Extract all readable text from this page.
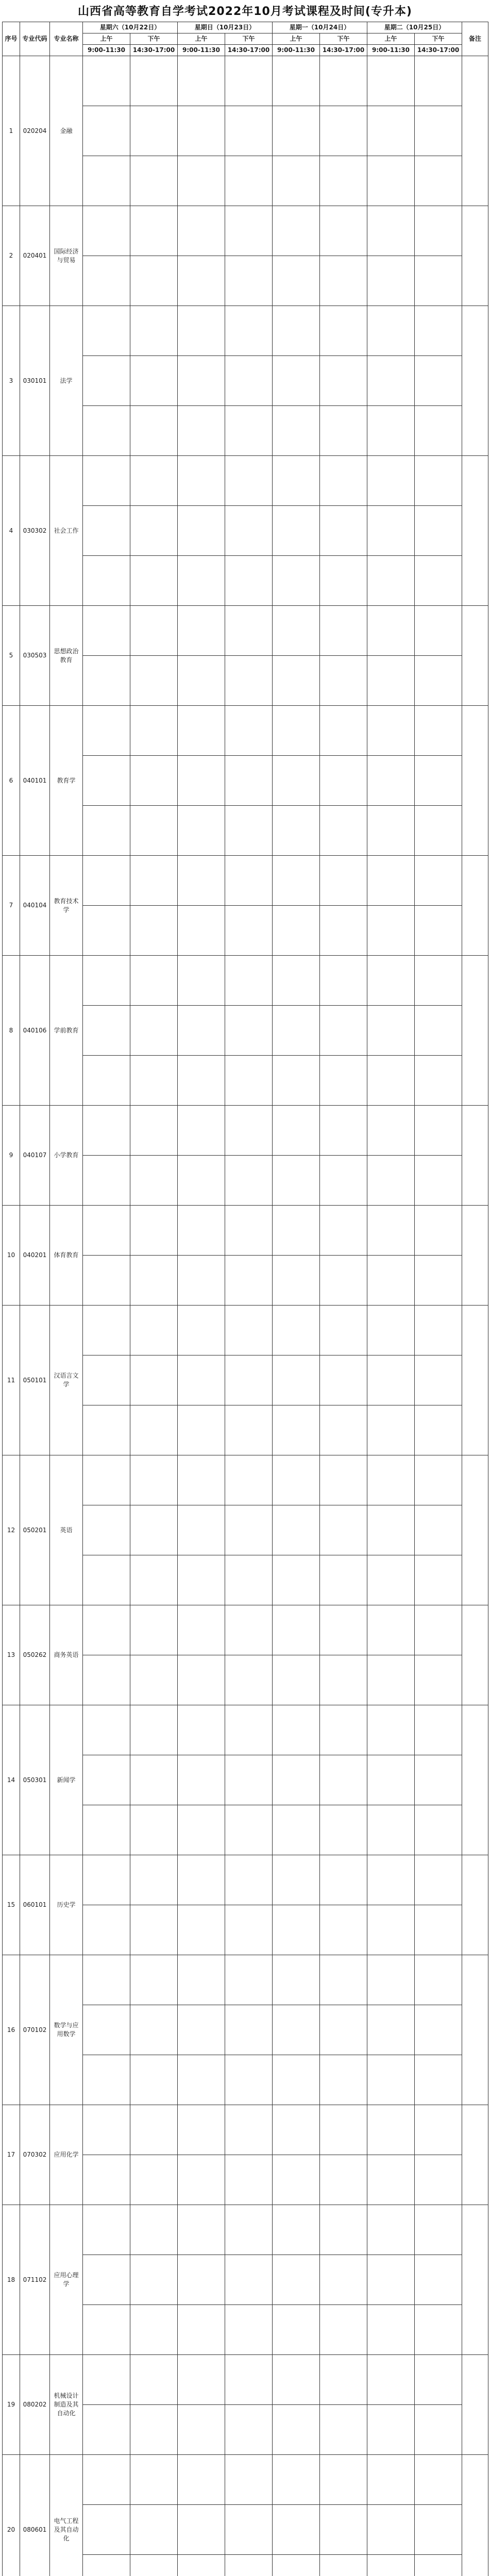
山西省高等教育自学考试2022年10月考试课程及时间(专升本)
序号	专业代码	专业名称	星期六（10月22日）		星期日（10月23日）		星期一（10月24日）		星期二（10月25日）		备注
			上午	下午	上午	下午	上午	下午	上午	下午	
			9:00-11:30	14:30-17:00	9:00-11:30	14:30-17:00	9:00-11:30	14:30-17:00	9:00-11:30	14:30-17:00	
1	020204	金融									

2	020401	国际经济与贸易									

3	030101	法学									

4	030302	社会工作									

5	030503	思想政治教育									

6	040101	教育学									

7	040104	教育技术学									

8	040106	学前教育									

9	040107	小学教育									

10	040201	体育教育									

11	050101	汉语言文学									

12	050201	英语									

13	050262	商务英语									

14	050301	新闻学									

15	060101	历史学									

16	070102	数学与应用数学									

17	070302	应用化学									

18	071102	应用心理学									

19	080202	机械设计制造及其自动化									

20	080601	电气工程及其自动化									
